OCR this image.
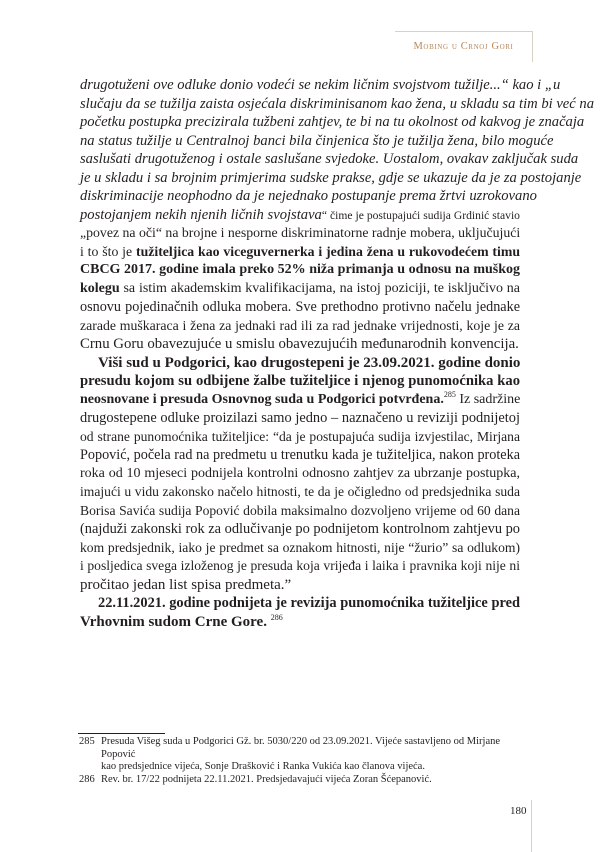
Mobing u Crnoj Gori
drugotuženi ove odluke donio vodeći se nekim ličnim svojstvom tužilje...“ kao i „u
slučaju da se tužilja zaista osjećala diskriminisanom kao žena, u skladu sa tim bi već na
početku postupka precizirala tužbeni zahtjev, te bi na tu okolnost od kakvog je značaja
na status tužilje u Centralnoj banci bila činjenica što je tužilja žena, bilo moguće
saslušati drugotuženog i ostale saslušane svjedoke. Uostalom, ovakav zaključak suda
je u skladu i sa brojnim primjerima sudske prakse, gdje se ukazuje da je za postojanje
diskriminacije neophodno da je nejednako postupanje prema žrtvi uzrokovano
postojanjem nekih njenih ličnih svojstava“ čime je postupajući sudija Grdinić stavio
„povez na oči“ na brojne i nesporne diskriminatorne radnje mobera, uključujući
i to što je tužiteljica kao viceguvernerka i jedina žena u rukovodećem timu
CBCG 2017. godine imala preko 52% niža primanja u odnosu na muškog
kolegu sa istim akademskim kvalifikacijama, na istoj poziciji, te isključivo na
osnovu pojedinačnih odluka mobera. Sve prethodno protivno načelu jednake
zarade muškaraca i žena za jednaki rad ili za rad jednake vrijednosti, koje je za
Crnu Goru obavezujuće u smislu obavezujućih međunarodnih konvencija.
Viši sud u Podgorici, kao drugostepeni je 23.09.2021. godine donio
presudu kojom su odbijene žalbe tužiteljice i njenog punomoćnika kao
neosnovane i presuda Osnovnog suda u Podgorici potvrđena.$^{285}$ Iz sadržine
drugostepene odluke proizilazi samo jedno – naznačeno u reviziji podnijetoj
od strane punomoćnika tužiteljice: “da je postupajuća sudija izvjestilac, Mirjana
Popović, počela rad na predmetu u trenutku kada je tužiteljica, nakon proteka
roka od 10 mjeseci podnijela kontrolni odnosno zahtjev za ubrzanje postupka,
imajući u vidu zakonsko načelo hitnosti, te da je očigledno od predsjednika suda
Borisa Savića sudija Popović dobila maksimalno dozvoljeno vrijeme od 60 dana
(najduži zakonski rok za odlučivanje po podnijetom kontrolnom zahtjevu po
kom predsjednik, iako je predmet sa oznakom hitnosti, nije “žurio” sa odlukom)
i posljedica svega izloženog je presuda koja vrijeđa i laika i pravnika koji nije ni
pročitao jedan list spisa predmeta.”
22.11.2021. godine podnijeta je revizija punomoćnika tužiteljice pred
Vrhovnim sudom Crne Gore. $^{286}$
285 Presuda Višeg suda u Podgorici Gž. br. 5030/220 od 23.09.2021. Vijeće sastavljeno od Mirjane Popović
kao predsjednice vijeća, Sonje Drašković i Ranka Vukića kao članova vijeća.
286 Rev. br. 17/22 podnijeta 22.11.2021. Predsjedavajući vijeća Zoran Šćepanović.
180
